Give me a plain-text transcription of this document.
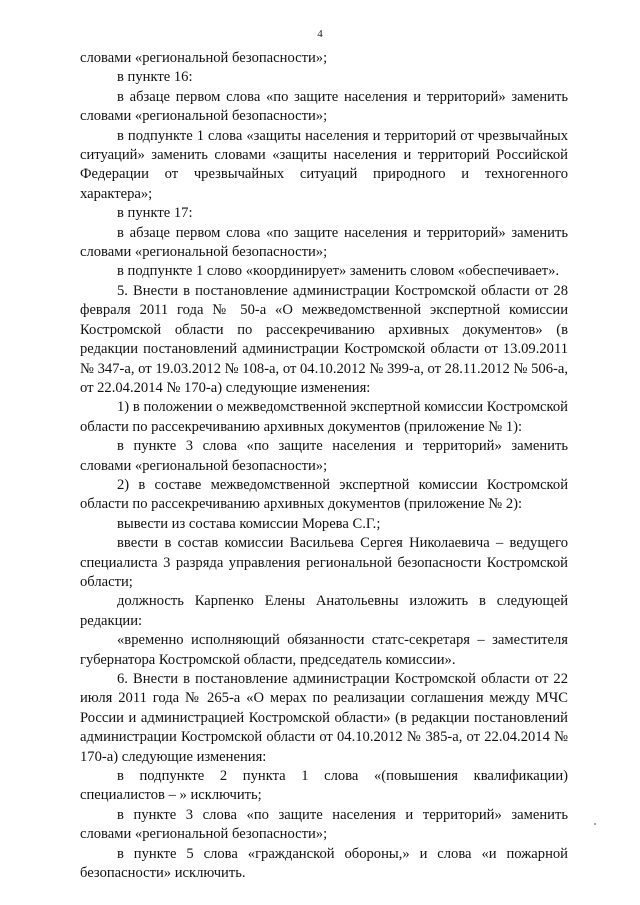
4

словами «региональной безопасности»;

в пункте 16:

в абзаце первом слова «по защите населения и территорий» заменить словами «региональной безопасности»;

в подпункте 1 слова «защиты населения и территорий от чрезвычайных ситуаций» заменить словами «защиты населения и территорий Российской Федерации от чрезвычайных ситуаций природного и техногенного характера»;

в пункте 17:

в абзаце первом слова «по защите населения и территорий» заменить словами «региональной безопасности»;

в подпункте 1 слово «координирует» заменить словом «обеспечивает».

5. Внести в постановление администрации Костромской области от 28 февраля 2011 года № 50-а «О межведомственной экспертной комиссии Костромской области по рассекречиванию архивных документов» (в редакции постановлений администрации Костромской области от 13.09.2011 № 347-а, от 19.03.2012 № 108-а, от 04.10.2012 № 399-а, от 28.11.2012 № 506-а, от 22.04.2014 № 170-а) следующие изменения:

1) в положении о межведомственной экспертной комиссии Костромской области по рассекречиванию архивных документов (приложение № 1):

в пункте 3 слова «по защите населения и территорий» заменить словами «региональной безопасности»;

2) в составе межведомственной экспертной комиссии Костромской области по рассекречиванию архивных документов (приложение № 2):

вывести из состава комиссии Морева С.Г.;

ввести в состав комиссии Васильева Сергея Николаевича – ведущего специалиста 3 разряда управления региональной безопасности Костромской области;

должность Карпенко Елены Анатольевны изложить в следующей редакции:

«временно исполняющий обязанности статс-секретаря – заместителя губернатора Костромской области, председатель комиссии».

6. Внести в постановление администрации Костромской области от 22 июля 2011 года № 265-а «О мерах по реализации соглашения между МЧС России и администрацией Костромской области» (в редакции постановлений администрации Костромской области от 04.10.2012 № 385-а, от 22.04.2014 № 170-а) следующие изменения:

в подпункте 2 пункта 1 слова «(повышения квалификации) специалистов – » исключить;

в пункте 3 слова «по защите населения и территорий» заменить словами «региональной безопасности»;

в пункте 5 слова «гражданской обороны,» и слова «и пожарной безопасности» исключить.
